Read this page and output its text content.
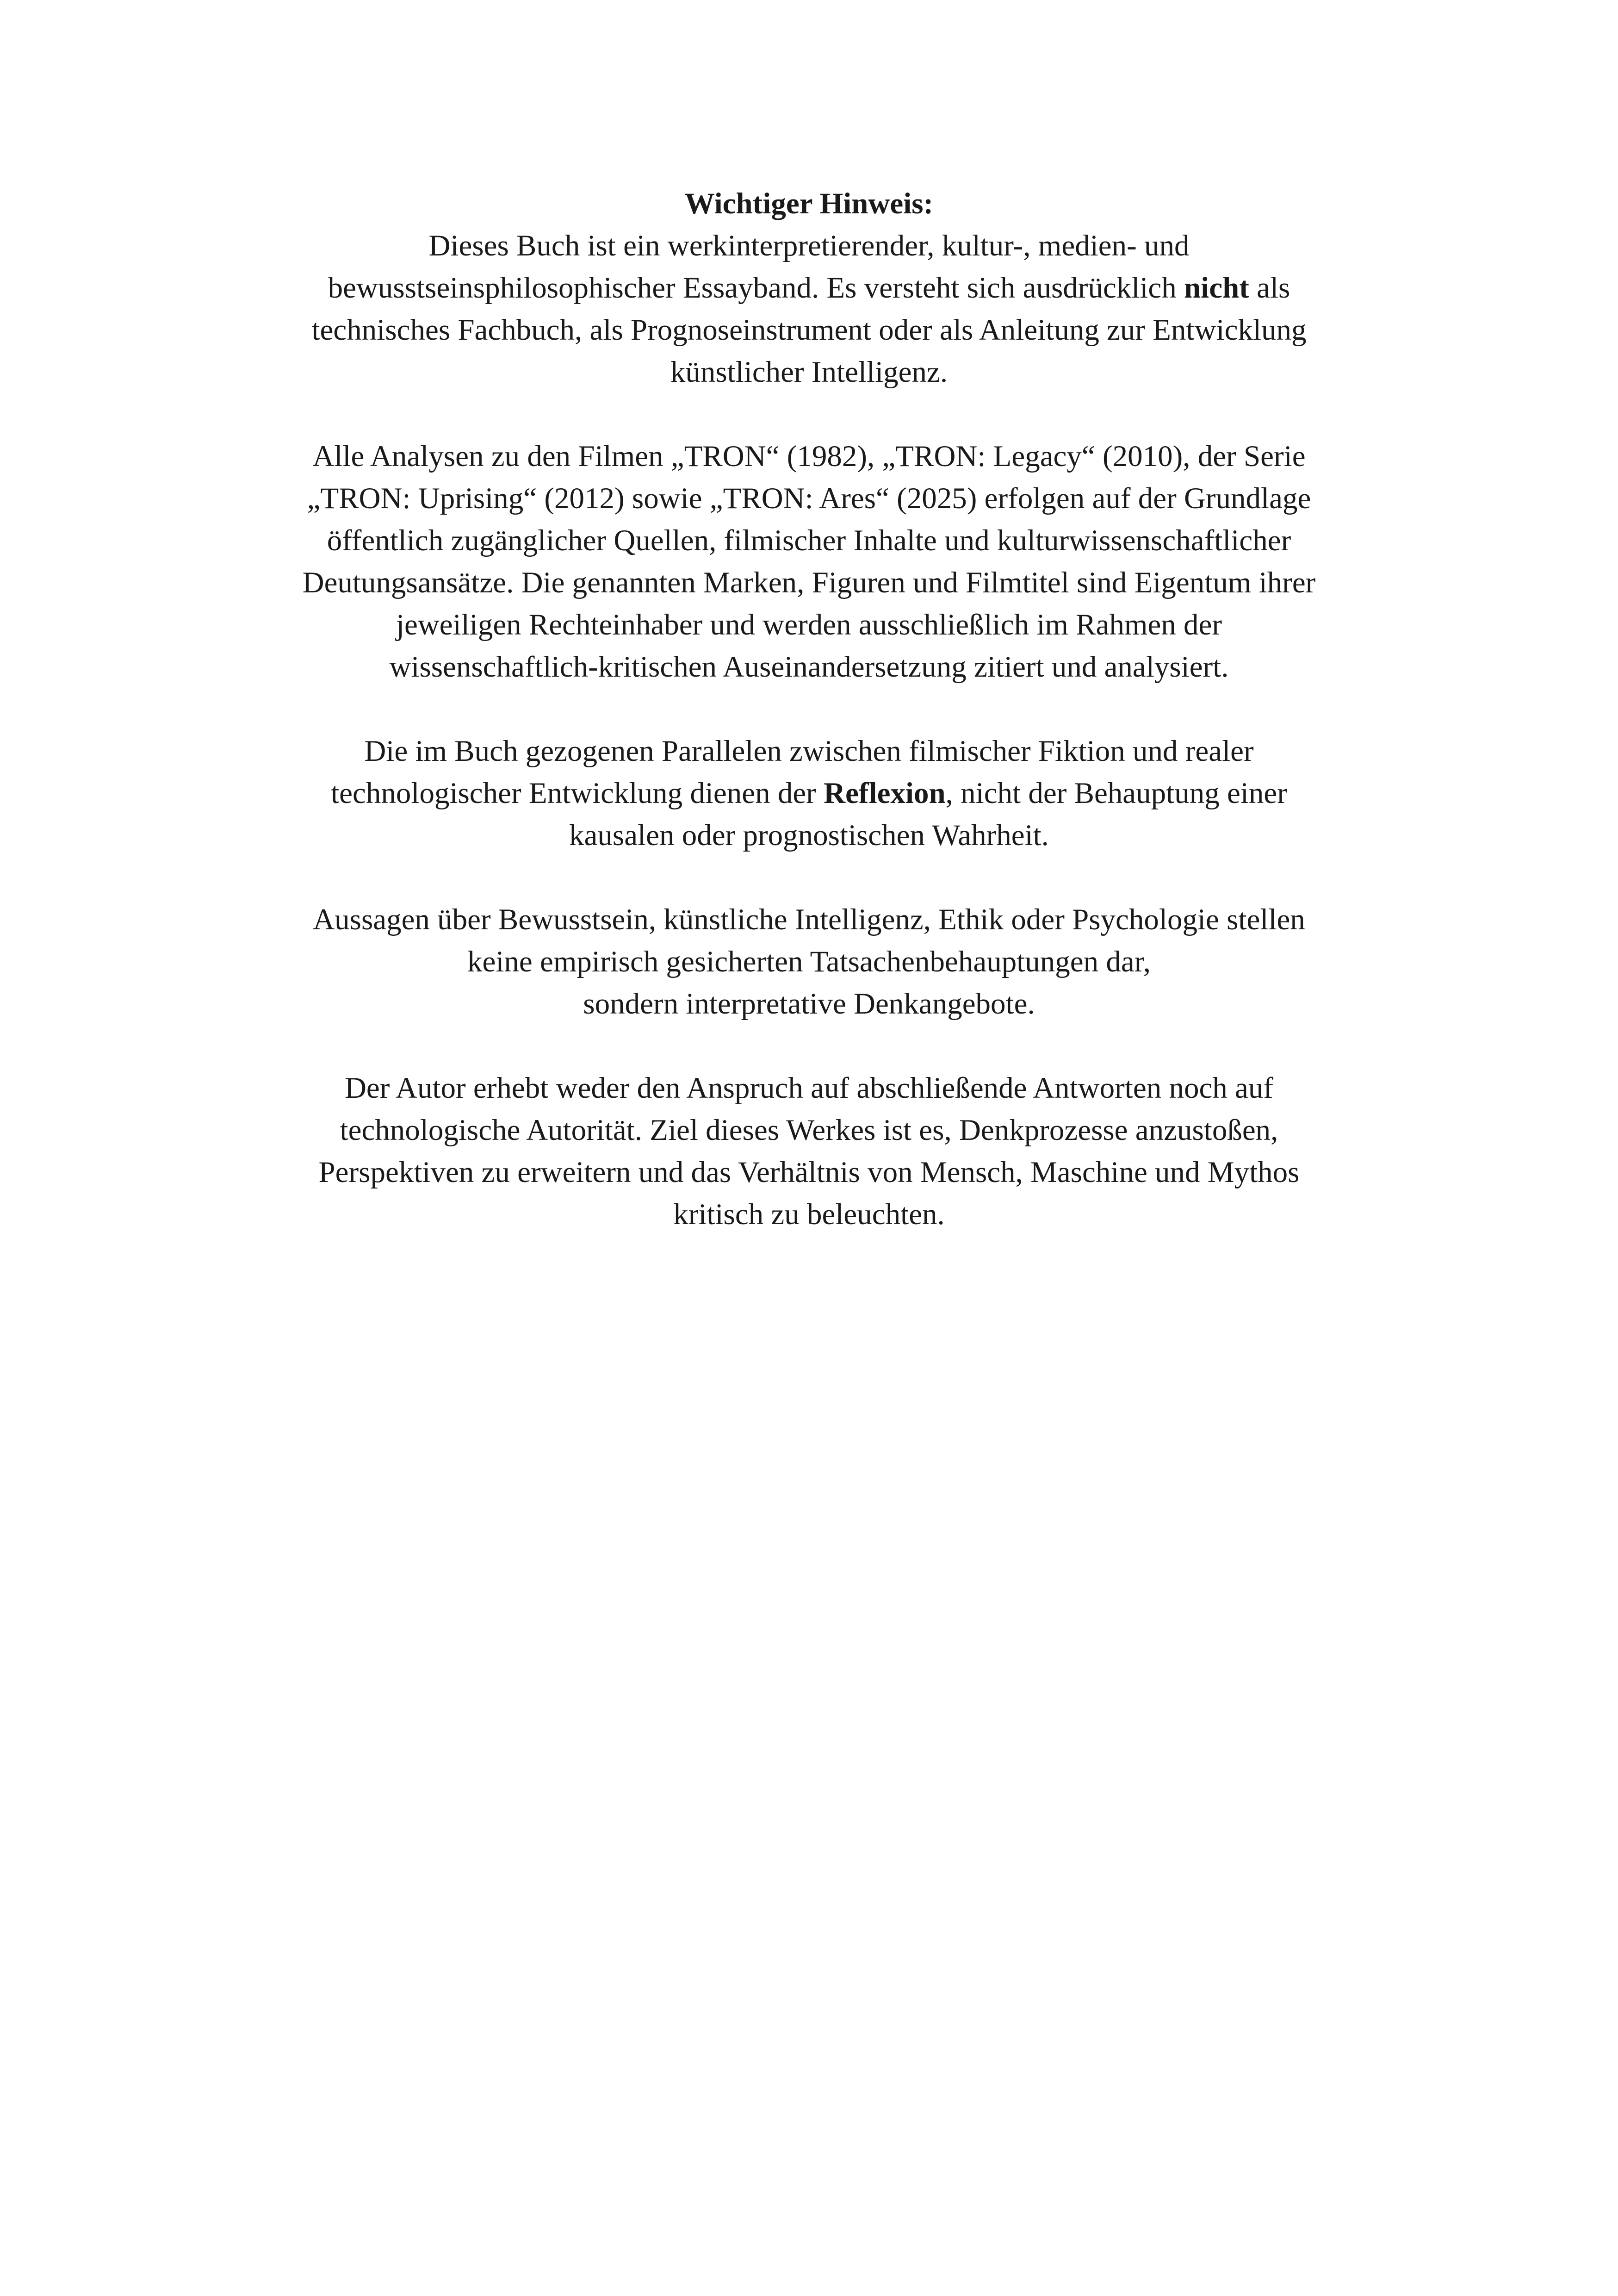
Wichtiger Hinweis:
Dieses Buch ist ein werkinterpretierender, kultur-, medien- und
bewusstseinsphilosophischer Essayband. Es versteht sich ausdrücklich nicht als
technisches Fachbuch, als Prognoseinstrument oder als Anleitung zur Entwicklung
künstlicher Intelligenz.

Alle Analysen zu den Filmen „TRON“ (1982), „TRON: Legacy“ (2010), der Serie
„TRON: Uprising“ (2012) sowie „TRON: Ares“ (2025) erfolgen auf der Grundlage
öffentlich zugänglicher Quellen, filmischer Inhalte und kulturwissenschaftlicher
Deutungsansätze. Die genannten Marken, Figuren und Filmtitel sind Eigentum ihrer
jeweiligen Rechteinhaber und werden ausschließlich im Rahmen der
wissenschaftlich-kritischen Auseinandersetzung zitiert und analysiert.

Die im Buch gezogenen Parallelen zwischen filmischer Fiktion und realer
technologischer Entwicklung dienen der Reflexion, nicht der Behauptung einer
kausalen oder prognostischen Wahrheit.

Aussagen über Bewusstsein, künstliche Intelligenz, Ethik oder Psychologie stellen
keine empirisch gesicherten Tatsachenbehauptungen dar,
sondern interpretative Denkangebote.

Der Autor erhebt weder den Anspruch auf abschließende Antworten noch auf
technologische Autorität. Ziel dieses Werkes ist es, Denkprozesse anzustoßen,
Perspektiven zu erweitern und das Verhältnis von Mensch, Maschine und Mythos
kritisch zu beleuchten.
